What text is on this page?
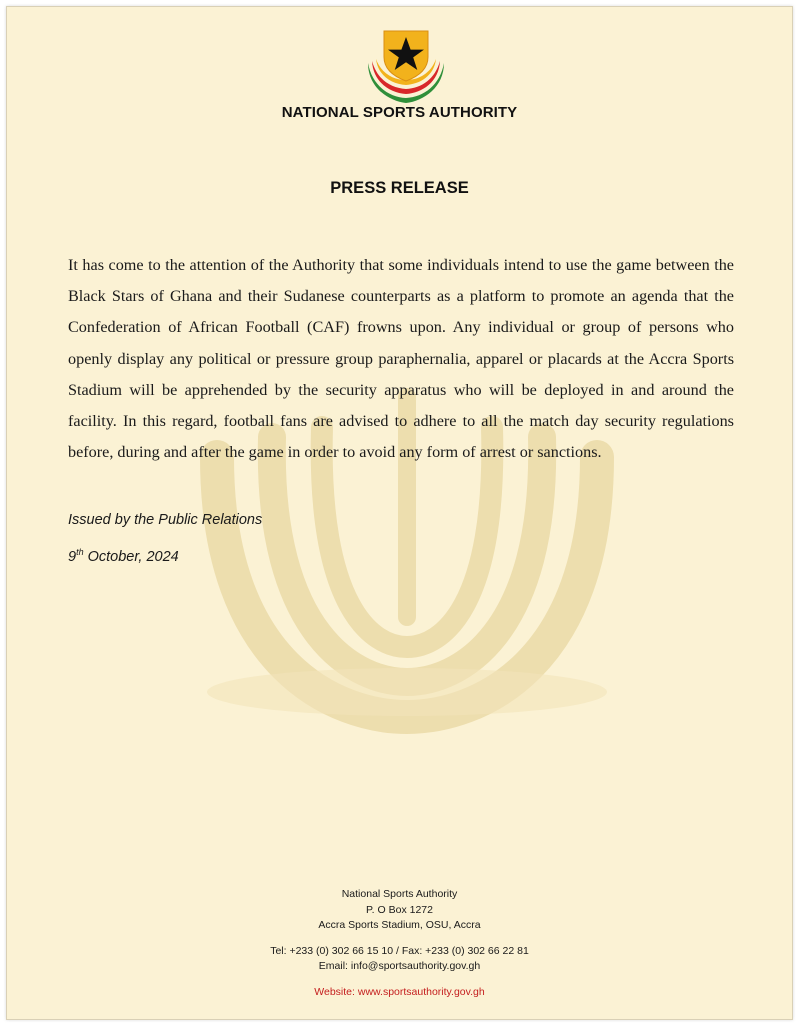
NATIONAL SPORTS AUTHORITY
PRESS RELEASE

It has come to the attention of the Authority that some individuals intend to use the game between the Black Stars of Ghana and their Sudanese counterparts as a platform to promote an agenda that the Confederation of African Football (CAF) frowns upon. Any individual or group of persons who openly display any political or pressure group paraphernalia, apparel or placards at the Accra Sports Stadium will be apprehended by the security apparatus who will be deployed in and around the facility. In this regard, football fans are advised to adhere to all the match day security regulations before, during and after the game in order to avoid any form of arrest or sanctions.

Issued by the Public Relations
9th October, 2024
National Sports Authority
P. O Box 1272
Accra Sports Stadium, OSU, Accra
Tel: +233 (0) 302 66 15 10 / Fax: +233 (0) 302 66 22 81
Email: info@sportsauthority.gov.gh
Website: www.sportsauthority.gov.gh
